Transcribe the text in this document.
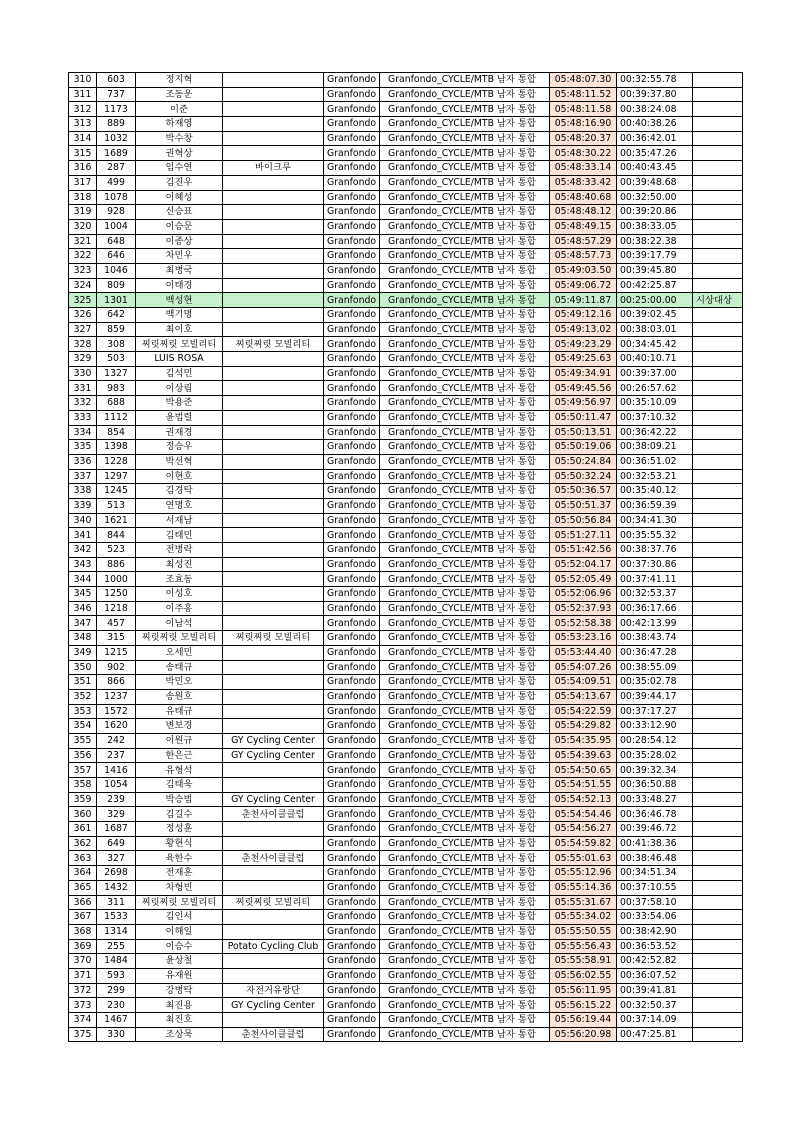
310	603	정지혁		Granfondo	Granfondo_CYCLE/MTB 남자 통합	05:48:07.30	00:32:55.78	
311	737	조동운		Granfondo	Granfondo_CYCLE/MTB 남자 통합	05:48:11.52	00:39:37.80	
312	1173	이준		Granfondo	Granfondo_CYCLE/MTB 남자 통합	05:48:11.58	00:38:24.08	
313	889	하재영		Granfondo	Granfondo_CYCLE/MTB 남자 통합	05:48:16.90	00:40:38.26	
314	1032	박수창		Granfondo	Granfondo_CYCLE/MTB 남자 통합	05:48:20.37	00:36:42.01	
315	1689	권혁상		Granfondo	Granfondo_CYCLE/MTB 남자 통합	05:48:30.22	00:35:47.26	
316	287	임수연	바이크루	Granfondo	Granfondo_CYCLE/MTB 남자 통합	05:48:33.14	00:40:43.45	
317	499	김진우		Granfondo	Granfondo_CYCLE/MTB 남자 통합	05:48:33.42	00:39:48.68	
318	1078	이혜성		Granfondo	Granfondo_CYCLE/MTB 남자 통합	05:48:40.68	00:32:50.00	
319	928	신승표		Granfondo	Granfondo_CYCLE/MTB 남자 통합	05:48:48.12	00:39:20.86	
320	1004	이승문		Granfondo	Granfondo_CYCLE/MTB 남자 통합	05:48:49.15	00:38:33.05	
321	648	이종상		Granfondo	Granfondo_CYCLE/MTB 남자 통합	05:48:57.29	00:38:22.38	
322	646	차민우		Granfondo	Granfondo_CYCLE/MTB 남자 통합	05:48:57.73	00:39:17.79	
323	1046	최병국		Granfondo	Granfondo_CYCLE/MTB 남자 통합	05:49:03.50	00:39:45.80	
324	809	이태경		Granfondo	Granfondo_CYCLE/MTB 남자 통합	05:49:06.72	00:42:25.87	
325	1301	백성현		Granfondo	Granfondo_CYCLE/MTB 남자 통합	05:49:11.87	00:25:00.00	시상대상
326	642	백기명		Granfondo	Granfondo_CYCLE/MTB 남자 통합	05:49:12.16	00:39:02.45	
327	859	최이호		Granfondo	Granfondo_CYCLE/MTB 남자 통합	05:49:13.02	00:38:03.01	
328	308	찌릿찌릿 모빌리티	찌릿찌릿 모빌리티	Granfondo	Granfondo_CYCLE/MTB 남자 통합	05:49:23.29	00:34:45.42	
329	503	LUIS ROSA		Granfondo	Granfondo_CYCLE/MTB 남자 통합	05:49:25.63	00:40:10.71	
330	1327	김석민		Granfondo	Granfondo_CYCLE/MTB 남자 통합	05:49:34.91	00:39:37.00	
331	983	이상림		Granfondo	Granfondo_CYCLE/MTB 남자 통합	05:49:45.56	00:26:57.62	
332	688	박용준		Granfondo	Granfondo_CYCLE/MTB 남자 통합	05:49:56.97	00:35:10.09	
333	1112	윤법렬		Granfondo	Granfondo_CYCLE/MTB 남자 통합	05:50:11.47	00:37:10.32	
334	854	권재경		Granfondo	Granfondo_CYCLE/MTB 남자 통합	05:50:13.51	00:36:42.22	
335	1398	정승우		Granfondo	Granfondo_CYCLE/MTB 남자 통합	05:50:19.06	00:38:09.21	
336	1228	박선혁		Granfondo	Granfondo_CYCLE/MTB 남자 통합	05:50:24.84	00:36:51.02	
337	1297	이현호		Granfondo	Granfondo_CYCLE/MTB 남자 통합	05:50:32.24	00:32:53.21	
338	1245	김경탁		Granfondo	Granfondo_CYCLE/MTB 남자 통합	05:50:36.57	00:35:40.12	
339	513	연명호		Granfondo	Granfondo_CYCLE/MTB 남자 통합	05:50:51.37	00:36:59.39	
340	1621	서재남		Granfondo	Granfondo_CYCLE/MTB 남자 통합	05:50:56.84	00:34:41.30	
341	844	김태민		Granfondo	Granfondo_CYCLE/MTB 남자 통합	05:51:27.11	00:35:55.32	
342	523	전병락		Granfondo	Granfondo_CYCLE/MTB 남자 통합	05:51:42.56	00:38:37.76	
343	886	최성진		Granfondo	Granfondo_CYCLE/MTB 남자 통합	05:52:04.17	00:37:30.86	
344	1000	조효동		Granfondo	Granfondo_CYCLE/MTB 남자 통합	05:52:05.49	00:37:41.11	
345	1250	이성호		Granfondo	Granfondo_CYCLE/MTB 남자 통합	05:52:06.96	00:32:53.37	
346	1218	이주홍		Granfondo	Granfondo_CYCLE/MTB 남자 통합	05:52:37.93	00:36:17.66	
347	457	이남석		Granfondo	Granfondo_CYCLE/MTB 남자 통합	05:52:58.38	00:42:13.99	
348	315	찌릿찌릿 모빌리티	찌릿찌릿 모빌리티	Granfondo	Granfondo_CYCLE/MTB 남자 통합	05:53:23.16	00:38:43.74	
349	1215	오세민		Granfondo	Granfondo_CYCLE/MTB 남자 통합	05:53:44.40	00:36:47.28	
350	902	송태규		Granfondo	Granfondo_CYCLE/MTB 남자 통합	05:54:07.26	00:38:55.09	
351	866	박민오		Granfondo	Granfondo_CYCLE/MTB 남자 통합	05:54:09.51	00:35:02.78	
352	1237	송원호		Granfondo	Granfondo_CYCLE/MTB 남자 통합	05:54:13.67	00:39:44.17	
353	1572	유태규		Granfondo	Granfondo_CYCLE/MTB 남자 통합	05:54:22.59	00:37:17.27	
354	1620	변보경		Granfondo	Granfondo_CYCLE/MTB 남자 통합	05:54:29.82	00:33:12.90	
355	242	이원규	GY Cycling Center	Granfondo	Granfondo_CYCLE/MTB 남자 통합	05:54:35.95	00:28:54.12	
356	237	한은근	GY Cycling Center	Granfondo	Granfondo_CYCLE/MTB 남자 통합	05:54:39.63	00:35:28.02	
357	1416	유형석		Granfondo	Granfondo_CYCLE/MTB 남자 통합	05:54:50.65	00:39:32.34	
358	1054	김태욱		Granfondo	Granfondo_CYCLE/MTB 남자 통합	05:54:51.55	00:36:50.88	
359	239	박승범	GY Cycling Center	Granfondo	Granfondo_CYCLE/MTB 남자 통합	05:54:52.13	00:33:48.27	
360	329	김길수	춘천사이클클럽	Granfondo	Granfondo_CYCLE/MTB 남자 통합	05:54:54.46	00:36:46.78	
361	1687	정성훈		Granfondo	Granfondo_CYCLE/MTB 남자 통합	05:54:56.27	00:39:46.72	
362	649	황현식		Granfondo	Granfondo_CYCLE/MTB 남자 통합	05:54:59.82	00:41:38.36	
363	327	육한수	춘천사이클클럽	Granfondo	Granfondo_CYCLE/MTB 남자 통합	05:55:01.63	00:38:46.48	
364	2698	전재훈		Granfondo	Granfondo_CYCLE/MTB 남자 통합	05:55:12.96	00:34:51.34	
365	1432	차형빈		Granfondo	Granfondo_CYCLE/MTB 남자 통합	05:55:14.36	00:37:10.55	
366	311	찌릿찌릿 모빌리티	찌릿찌릿 모빌리티	Granfondo	Granfondo_CYCLE/MTB 남자 통합	05:55:31.67	00:37:58.10	
367	1533	김인서		Granfondo	Granfondo_CYCLE/MTB 남자 통합	05:55:34.02	00:33:54.06	
368	1314	이해일		Granfondo	Granfondo_CYCLE/MTB 남자 통합	05:55:50.55	00:38:42.90	
369	255	이승수	Potato Cycling Club	Granfondo	Granfondo_CYCLE/MTB 남자 통합	05:55:56.43	00:36:53.52	
370	1484	윤상철		Granfondo	Granfondo_CYCLE/MTB 남자 통합	05:55:58.91	00:42:52.82	
371	593	유재원		Granfondo	Granfondo_CYCLE/MTB 남자 통합	05:56:02.55	00:36:07.52	
372	299	강병탁	자전거유랑단	Granfondo	Granfondo_CYCLE/MTB 남자 통합	05:56:11.95	00:39:41.81	
373	230	최진용	GY Cycling Center	Granfondo	Granfondo_CYCLE/MTB 남자 통합	05:56:15.22	00:32:50.37	
374	1467	최진호		Granfondo	Granfondo_CYCLE/MTB 남자 통합	05:56:19.44	00:37:14.09	
375	330	조상묵	춘천사이클클럽	Granfondo	Granfondo_CYCLE/MTB 남자 통합	05:56:20.98	00:47:25.81	
